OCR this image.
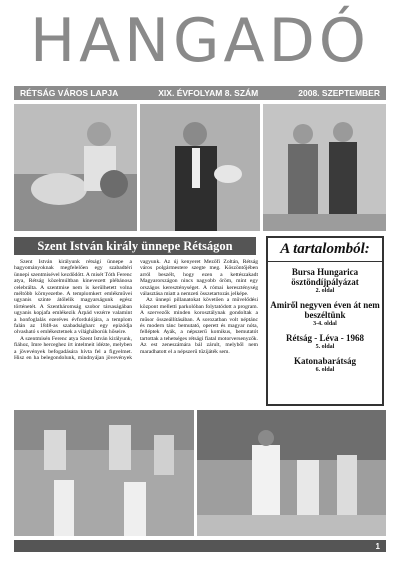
HANGADÓ
RÉTSÁG VÁROS LAPJA	XIX. ÉVFOLYAM 8. SZÁM	2008. SZEPTEMBER
Szent István király ünnepe Rétságon

Szent István királyunk rétsági ünnepe a hagyományoknak megfelelően egy szabadtéri ünnepi szentmisével kezdődött. A misét Tóth Ferenc atya, Rétság közelmúltban kinevezett plébánosa celebrálta. A szentmise nem is kerülhetett volna méltóbb környezetbe. A templomkert emlékművei ugyanis szinte átölelik magyarságunk egész történetét. A Szentháromság szobor társaságában ugyanis kopjafa emlékezik Árpád vezérre valamint a honfoglalás ezeréves évfordulójára, a templom falán az 1848-as szabadságharc egy epizódja olvasható s emlékeztetnek a világháborúk hőseire.

A szentmisén Ferenc atya Szent István királyunk, fiához, Imre herceghez írt intelmeit idézte, melyben a jövevények befogadására hívta fel a figyelmet. Hisz en ha belegondolunk, mindnyájan jövevények vagyunk. Az új kenyeret Mezőfi Zoltán, Rétság város polgármestere szegte meg. Köszöntőjében arról beszélt, hogy ezen a kettészakadt Magyarországon nincs nagyobb öröm, mint egy országos kereszténységet. A római kereszténység választása miatt a nemzeti összetartozás jelképe.

Az ünnepi pillanatokat követően a művelődési központ melletti parkolóban folytatódott a program. A szervezők minden korosztálynak gondoltak a műsor összeállításában. A sorozatban volt néptánc és modern tánc bemutató, operett és magyar nóta, felléptek Ayák, a népszerű komikus, bemutatót tartottak a tehetséges rétsági fiatal motorversenyzők. Az est zeneszámára bál zárult, melyből nem maradhatott el a népszerű tűzijáték sem.

A tartalomból:
Bursa Hungarica ösztöndíjpályázat
2. oldal
Amiről negyven éven át nem beszéltünk
3-4. oldal
Rétság - Léva - 1968
5. oldal
Katonabarátság
6. oldal
1
